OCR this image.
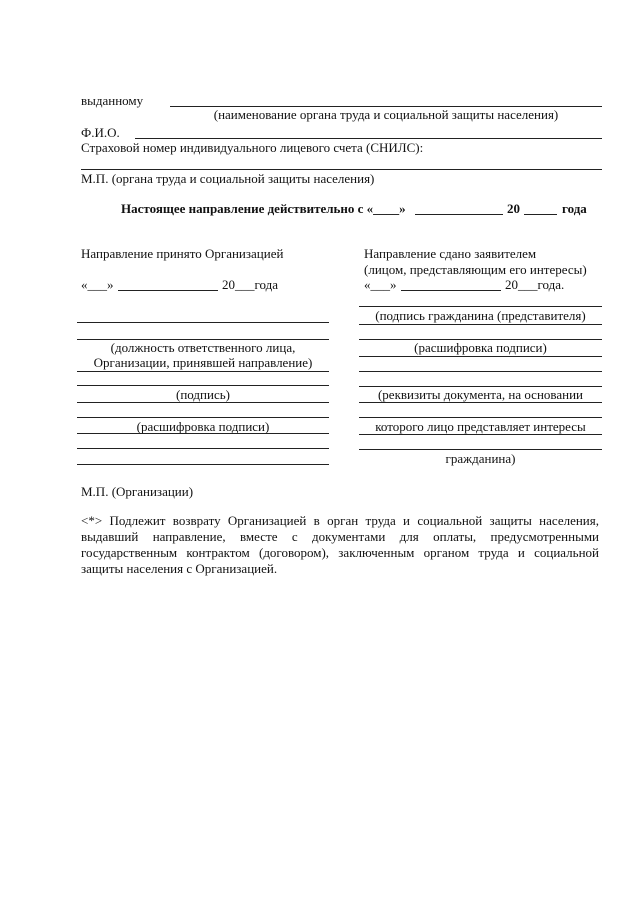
выданному
(наименование органа труда и социальной защиты населения)
Ф.И.О.
Страховой номер индивидуального лицевого счета (СНИЛС):
М.П. (органа труда и социальной защиты населения)
Настоящее направление действительно с «____»	20	года
Направление принято Организацией
«___»	20___года
(должность ответственного лица,
Организации, принявшей направление)
(подпись)
(расшифровка подписи)
Направление сдано заявителем
(лицом, представляющим его интересы)
«___»	20___года.
(подпись гражданина (представителя)
(расшифровка подписи)
(реквизиты документа, на основании
которого лицо представляет интересы
гражданина)
М.П. (Организации)
<*> Подлежит возврату Организацией в орган труда и социальной защиты населения, выдавший направление, вместе с документами для оплаты, предусмотренными государственным контрактом (договором), заключенным органом труда и социальной защиты населения с Организацией.
